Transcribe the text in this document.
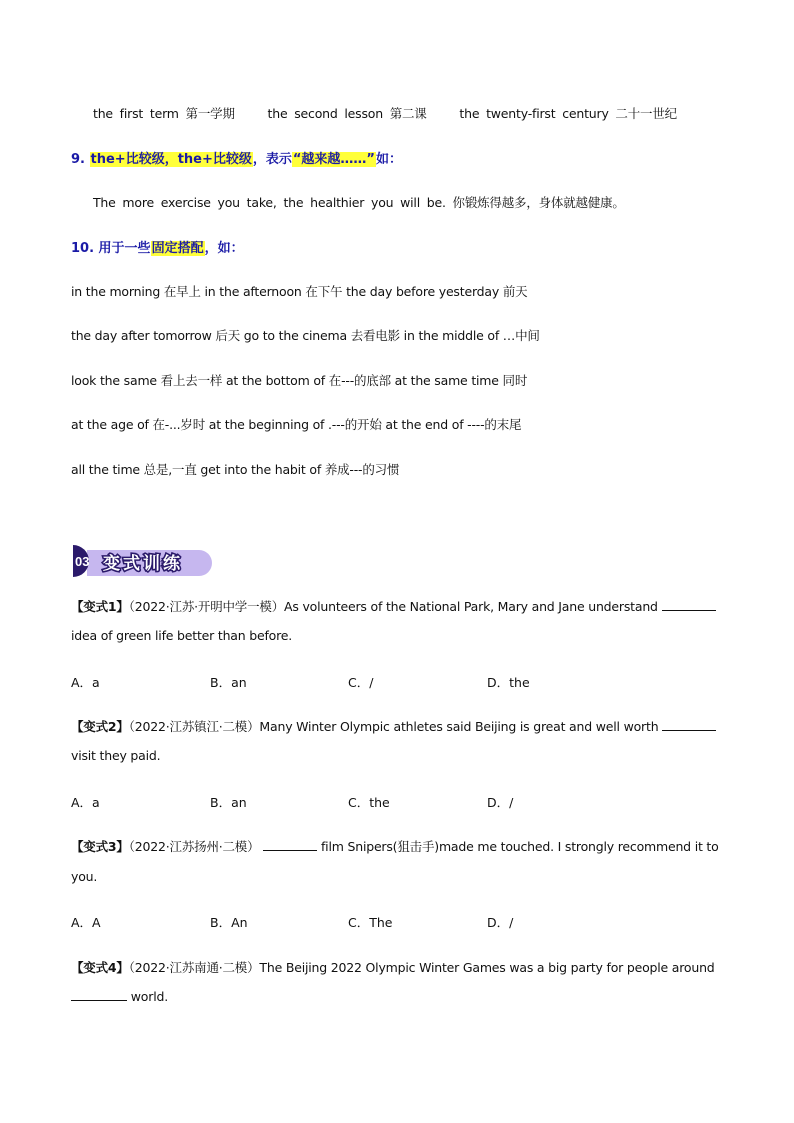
the first term 第一学期	the second lesson 第二课	the twenty-first century 二十一世纪
9. the+比较级，the+比较级，表示“越来越……”如：
The more exercise you take, the healthier you will be. 你锻炼得越多，身体就越健康。
10. 用于一些固定搭配，如：
in the morning 在早上 in the afternoon 在下午 the day before yesterday 前天
the day after tomorrow 后天 go to the cinema 去看电影 in the middle of …中间
look the same 看上去一样 at the bottom of 在---的底部 at the same time 同时
at the age of 在-...岁时 at the beginning of .---的开始 at the end of ----的末尾
all the time 总是,一直 get into the habit of 养成---的习惯
03 变式训练
【变式1】（2022·江苏·开明中学一模）As volunteers of the National Park, Mary and Jane understand
idea of green life better than before.
A．a	B．an	C．/	D．the
【变式2】（2022·江苏镇江·二模）Many Winter Olympic athletes said Beijing is great and well worth
visit they paid.
A．a	B．an	C．the	D．/
【变式3】（2022·江苏扬州·二模）	film Snipers(狙击手)made me touched. I strongly recommend it to
you.
A．A	B．An	C．The	D．/
【变式4】（2022·江苏南通·二模）The Beijing 2022 Olympic Winter Games was a big party for people around
world.
